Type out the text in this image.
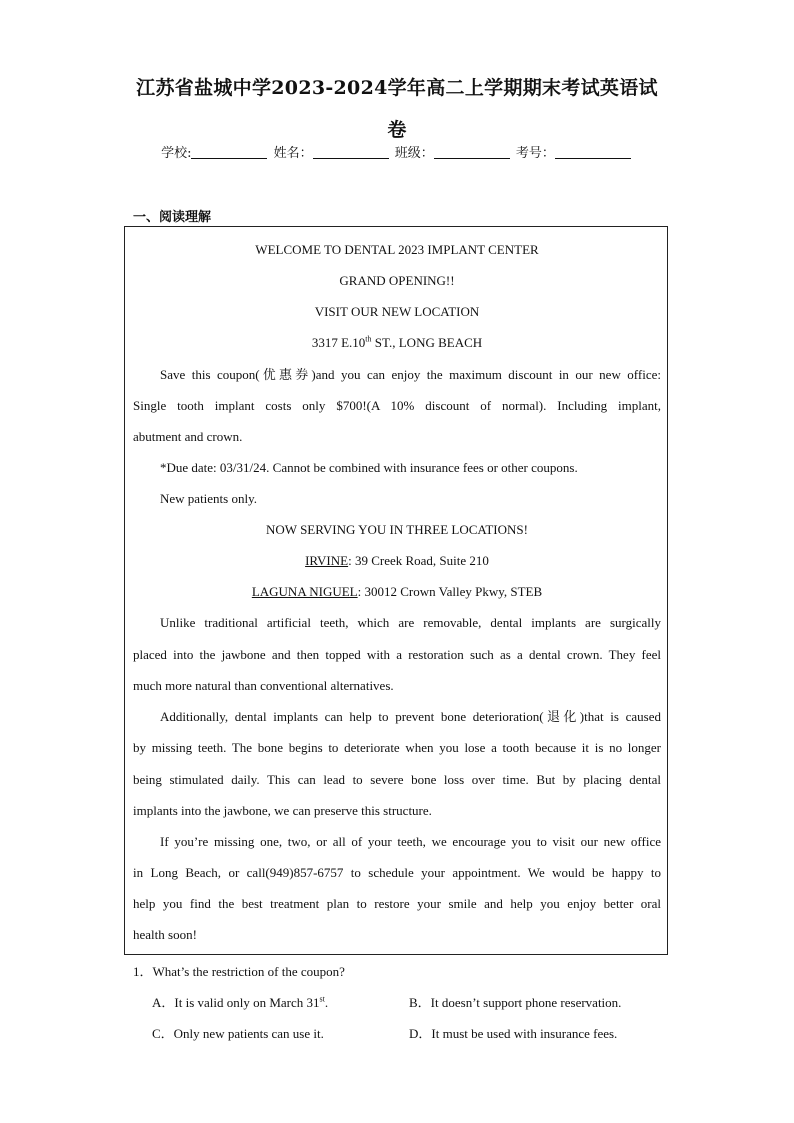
江苏省盐城中学2023-2024学年高二上学期期末考试英语试
卷
学校:	姓名：	班级：	考号：
一、阅读理解
WELCOME TO DENTAL 2023 IMPLANT CENTER
GRAND OPENING!!
VISIT OUR NEW LOCATION
3317 E.10th ST., LONG BEACH
Save this coupon(优惠券)and you can enjoy the maximum discount in our new office:
Single tooth implant costs only $700!(A 10% discount of normal). Including implant,
abutment and crown.
*Due date: 03/31/24. Cannot be combined with insurance fees or other coupons.
New patients only.
NOW SERVING YOU IN THREE LOCATIONS!
IRVINE: 39 Creek Road, Suite 210
LAGUNA NIGUEL: 30012 Crown Valley Pkwy, STEB
Unlike traditional artificial teeth, which are removable, dental implants are surgically
placed into the jawbone and then topped with a restoration such as a dental crown. They feel
much more natural than conventional alternatives.
Additionally, dental implants can help to prevent bone deterioration(退化)that is caused
by missing teeth. The bone begins to deteriorate when you lose a tooth because it is no longer
being stimulated daily. This can lead to severe bone loss over time. But by placing dental
implants into the jawbone, we can preserve this structure.
If you’re missing one, two, or all of your teeth, we encourage you to visit our new office
in Long Beach, or call(949)857-6757 to schedule your appointment. We would be happy to
help you find the best treatment plan to restore your smile and help you enjoy better oral
health soon!
1．What’s the restriction of the coupon?
A．It is valid only on March 31st.	B．It doesn’t support phone reservation.
C．Only new patients can use it.	D．It must be used with insurance fees.
